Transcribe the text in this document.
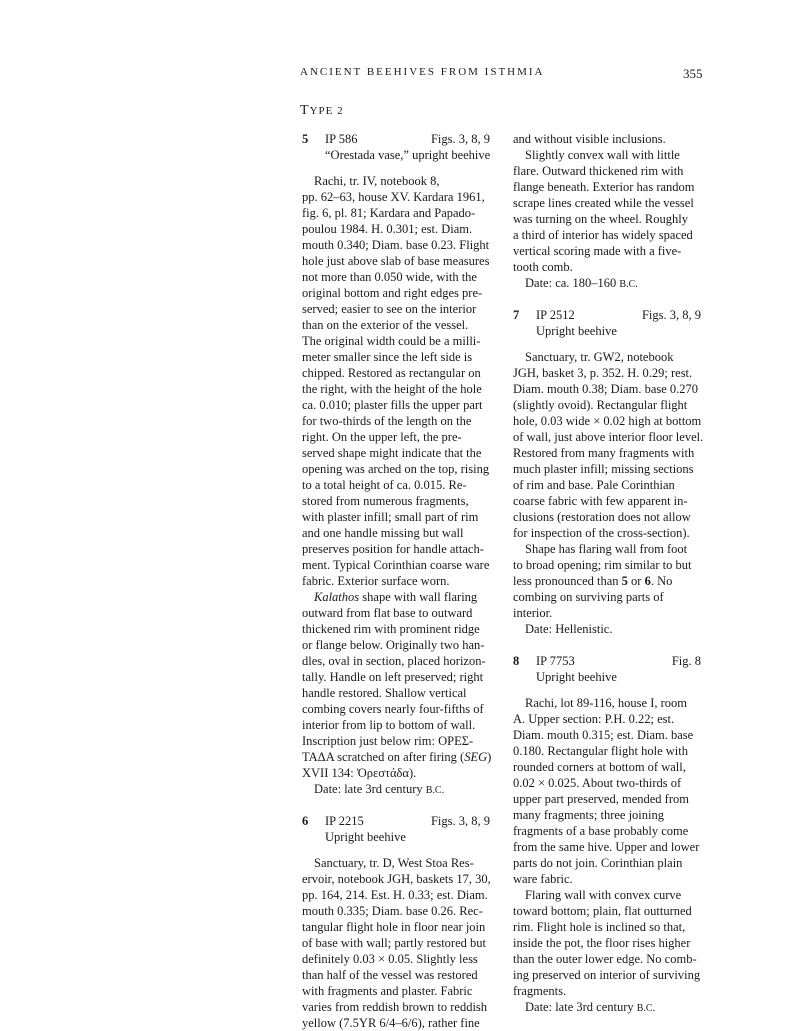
ANCIENT BEEHIVES FROM ISTHMIA	355
TYPE 2
5 IP 586	Figs. 3, 8, 9
“Orestada vase,” upright beehive
Rachi, tr. IV, notebook 8,
pp. 62–63, house XV. Kardara 1961,
fig. 6, pl. 81; Kardara and Papado-
poulou 1984. H. 0.301; est. Diam.
mouth 0.340; Diam. base 0.23. Flight
hole just above slab of base measures
not more than 0.050 wide, with the
original bottom and right edges pre-
served; easier to see on the interior
than on the exterior of the vessel.
The original width could be a milli-
meter smaller since the left side is
chipped. Restored as rectangular on
the right, with the height of the hole
ca. 0.010; plaster fills the upper part
for two-thirds of the length on the
right. On the upper left, the pre-
served shape might indicate that the
opening was arched on the top, rising
to a total height of ca. 0.015. Re-
stored from numerous fragments,
with plaster infill; small part of rim
and one handle missing but wall
preserves position for handle attach-
ment. Typical Corinthian coarse ware
fabric. Exterior surface worn.
Kalathos shape with wall flaring
outward from flat base to outward
thickened rim with prominent ridge
or flange below. Originally two han-
dles, oval in section, placed horizon-
tally. Handle on left preserved; right
handle restored. Shallow vertical
combing covers nearly four-fifths of
interior from lip to bottom of wall.
Inscription just below rim: ΟΡΕΣ-
ΤΑΔΑ scratched on after firing (SEG)
XVII 134: Ὀρεστάδα).
Date: late 3rd century B.C.
6 IP 2215	Figs. 3, 8, 9
Upright beehive
Sanctuary, tr. D, West Stoa Res-
ervoir, notebook JGH, baskets 17, 30,
pp. 164, 214. Est. H. 0.33; est. Diam.
mouth 0.335; Diam. base 0.26. Rec-
tangular flight hole in floor near join
of base with wall; partly restored but
definitely 0.03 × 0.05. Slightly less
than half of the vessel was restored
with fragments and plaster. Fabric
varies from reddish brown to reddish
yellow (7.5YR 6/4–6/6), rather fine
and without visible inclusions.
Slightly convex wall with little
flare. Outward thickened rim with
flange beneath. Exterior has random
scrape lines created while the vessel
was turning on the wheel. Roughly
a third of interior has widely spaced
vertical scoring made with a five-
tooth comb.
Date: ca. 180–160 B.C.
7 IP 2512	Figs. 3, 8, 9
Upright beehive
Sanctuary, tr. GW2, notebook
JGH, basket 3, p. 352. H. 0.29; rest.
Diam. mouth 0.38; Diam. base 0.270
(slightly ovoid). Rectangular flight
hole, 0.03 wide × 0.02 high at bottom
of wall, just above interior floor level.
Restored from many fragments with
much plaster infill; missing sections
of rim and base. Pale Corinthian
coarse fabric with few apparent in-
clusions (restoration does not allow
for inspection of the cross-section).
Shape has flaring wall from foot
to broad opening; rim similar to but
less pronounced than 5 or 6. No
combing on surviving parts of
interior.
Date: Hellenistic.
8 IP 7753	Fig. 8
Upright beehive
Rachi, lot 89-116, house I, room
A. Upper section: P.H. 0.22; est.
Diam. mouth 0.315; est. Diam. base
0.180. Rectangular flight hole with
rounded corners at bottom of wall,
0.02 × 0.025. About two-thirds of
upper part preserved, mended from
many fragments; three joining
fragments of a base probably come
from the same hive. Upper and lower
parts do not join. Corinthian plain
ware fabric.
Flaring wall with convex curve
toward bottom; plain, flat outturned
rim. Flight hole is inclined so that,
inside the pot, the floor rises higher
than the outer lower edge. No comb-
ing preserved on interior of surviving
fragments.
Date: late 3rd century B.C.
